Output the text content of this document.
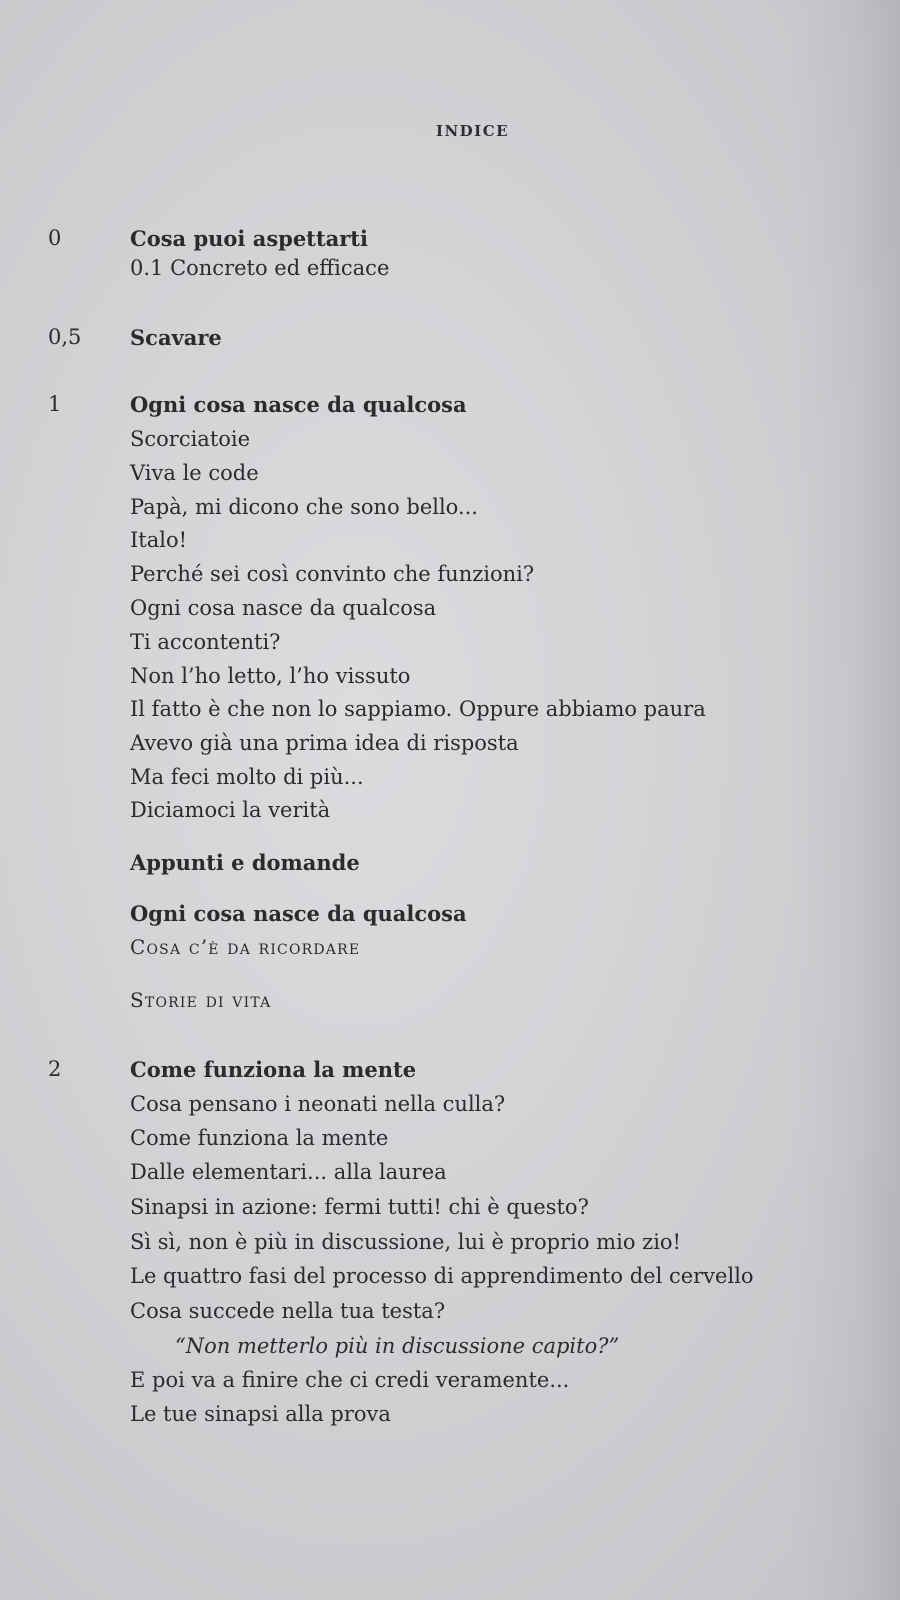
INDICE
0	Cosa puoi aspettarti
0.1 Concreto ed efficace
0,5 Scavare
1	Ogni cosa nasce da qualcosa
Scorciatoie
Viva le code
Papà, mi dicono che sono bello...
Italo!
Perché sei così convinto che funzioni?
Ogni cosa nasce da qualcosa
Ti accontenti?
Non l’ho letto, l’ho vissuto
Il fatto è che non lo sappiamo. Oppure abbiamo paura
Avevo già una prima idea di risposta
Ma feci molto di più...
Diciamoci la verità
Appunti e domande
Ogni cosa nasce da qualcosa
Cosa c’è da ricordare
Storie di vita
2	Come funziona la mente
Cosa pensano i neonati nella culla?
Come funziona la mente
Dalle elementari... alla laurea
Sinapsi in azione: fermi tutti! chi è questo?
Sì sì, non è più in discussione, lui è proprio mio zio!
Le quattro fasi del processo di apprendimento del cervello
Cosa succede nella tua testa?
“Non metterlo più in discussione capito?”
E poi va a finire che ci credi veramente...
Le tue sinapsi alla prova
